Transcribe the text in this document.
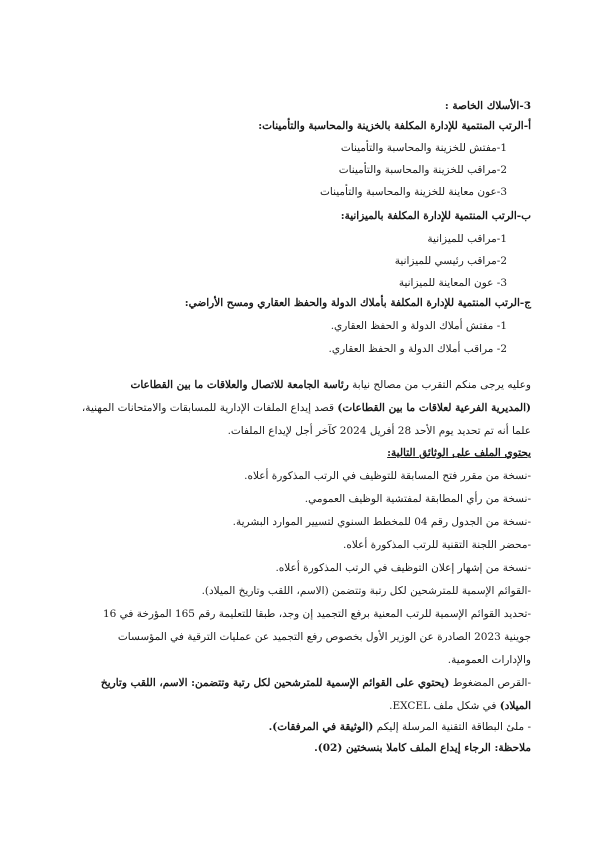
3-الأسلاك الخاصة :
أ-الرتب المنتمية للإدارة المكلفة بالخزينة والمحاسبة والتأمينات:
1-مفتش للخزينة والمحاسبة والتأمينات
2-مراقب للخزينة والمحاسبة والتأمينات
3-عون معاينة للخزينة والمحاسبة والتأمينات
ب-الرتب المنتمية للإدارة المكلفة بالميزانية:
1-مراقب للميزانية
2-مراقب رئيسي للميزانية
3- عون المعاينة للميزانية
ج-الرتب المنتمية للإدارة المكلفة بأملاك الدولة والحفظ العقاري ومسح الأراضي:
1- مفتش أملاك الدولة و الحفظ العقاري.
2- مراقب أملاك الدولة و الحفظ العقاري.
وعليه يرجى منكم التقرب من مصالح نيابة رئاسة الجامعة للاتصال والعلاقات ما بين القطاعات
(المديرية الفرعية لعلاقات ما بين القطاعات) قصد إيداع الملفات الإدارية للمسابقات والامتحانات المهنية،
علما أنه تم تحديد يوم الأحد 28 أفريل 2024 كآخر أجل لإيداع الملفات.
يحتوي الملف على الوثائق التالية:
-نسخة من مقرر فتح المسابقة للتوظيف في الرتب المذكورة أعلاه.
-نسخة من رأي المطابقة لمفتشية الوظيف العمومي.
-نسخة من الجدول رقم 04 للمخطط السنوي لتسيير الموارد البشرية.
-محضر اللجنة التقنية للرتب المذكورة أعلاه.
-نسخة من إشهار إعلان التوظيف في الرتب المذكورة أعلاه.
-القوائم الإسمية للمترشحين لكل رتبة وتتضمن (الاسم، اللقب وتاريخ الميلاد).
-تحديد القوائم الإسمية للرتب المعنية برفع التجميد إن وجد، طبقا للتعليمة رقم 165 المؤرخة في 16
جوينية 2023 الصادرة عن الوزير الأول بخصوص رفع التجميد عن عمليات الترقية في المؤسسات
والإدارات العمومية.
-القرص المضغوط (يحتوي على القوائم الإسمية للمترشحين لكل رتبة وتتضمن: الاسم، اللقب وتاريخ
الميلاد) في شكل ملف EXCEL.
- ملئ البطاقة التقنية المرسلة إليكم (الوثيقة في المرفقات).
ملاحظة: الرجاء إيداع الملف كاملا بنسختين (02).
